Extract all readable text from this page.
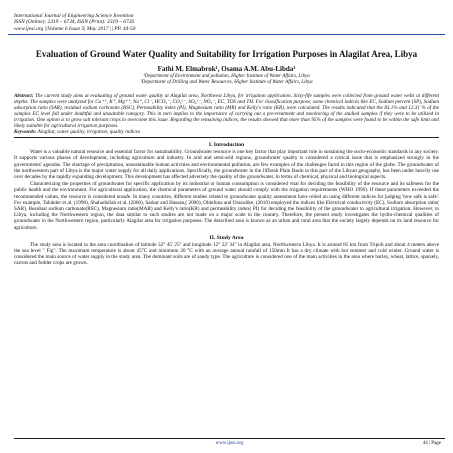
International Journal of Engineering Science Invention
ISSN (Online): 2319 – 6734, ISSN (Print): 2319 – 6726
www.ijesi.org ||Volume 6 Issue 5| May 2017 || PP. 44-50
Evaluation of Ground Water Quality and Suitability for Irrigation Purposes in Alagilat Area, Libya
Fathi M. Elmabrok¹, Osama A.M. Abu-Libda²
¹Department of Environment and pollution, Higher Institute of Water Affairs, Libya
²Department of Drilling and Water Resources, Higher Institute of Water Affairs, Libya
Abstract: The current study aims at evaluating of ground water quality at Alagilat area, Northwest Libya, for irrigation application. Sixty-fife samples were collected from ground water wells at different depths. The samples were analyzed for Ca⁺⁺, K⁺, Mg⁺⁺, Na⁺, Cl⁻, HCO₃⁻, CO₃²⁻, SO₄²⁻, NO₃⁻, EC, TDS and TH. For classification purpose, some chemical indices like EC, Sodium percent (SP), Sodium adsorption ratio (SAR), residual sodium carbonate (RSC), Permeability index (PI), Magnesium ratio (MR) and Kelly's ratio (KR), were calculated. The results indicated that the 83.1% and 12.31 % of the samples EC level fall under doubtful and unsuitable category. This in turn implies to the importance of carrying out a pre-treatment and monitoring of the studied samples if they were to be utilized in irrigation. One option is to grow salt tolerant crops to overcome this issue. Regarding the remaining indices, the results showed that more than 95% of the samples were found to be within the safe limit and likely suitable for agricultural irrigation purposes.
Keywords: Alagilat, water quality, irrigation, quality indices
I. Introduction
Water is a valuable natural resource and essential factor for sustainability. Groundwater resource is one key factor that play important role in sustaining the socio-economic standards in any society. It supports various phases of development, including agriculture and industry. In arid and semi-arid regions, groundwater quality is considered a critical issue that is emphasized strongly in the governments' agendas. The shortage of precipitation, unsustainable human activities and environmental pollution, are few examples of the challenges faced in this region of the globe. The groundwater of the northwestern part of Libya is the major water supply for all daily applications. Specifically, the groundwater in the Jiffarah Plain Basin in this part of the Libyan geography, has been under heavily use over decades by the rapidly expanding development. This development has affected adversely the quality of the groundwater, in terms of chemical, physical and biological aspects.
Characterizing the properties of groundwater for specific application by its industrial or human consumption is considered vital for deciding the feasibility of the resource and its safeness for the public health and the environment. For agricultural application, the chemical parameters of ground water should comply with the irrigation requirements (WHO 1996). If these parameters exceeded the recommended values, the resource is considered unsafe. In many countries, different studies related to groundwater quality assessment have relied on using different indices for judging 'how safe is safe'. For example, Talukder et al. (1998), Shahadullah et al. (2000), Sarkar and Hassan,( 2006), Obiefuna and Orazulike, (2010) employed the indices like Electrical conductivity (EC), Sodium absorption ratio( SAR), Residual sodium carbonate(RSC), Magnesium ratio(MAR) and Kelly's ratio(KR) and permeability index( PI) for deciding the feasibility of the groundwater to agricultural irrigation. However, in Libya, including the Northwestern region, the data similar to such studies are not made on a major scale in the country. Therefore, the present study investigates the hydro-chemical qualities of groundwater in the Northwestern region, particularly Alagilat area for irrigation purposes. The described area is known as an urban and rural area that the society largely depends on its land resource for agriculture.
II. Study Area
The study area is located in the area coordination of latitude 32° 45' 25'' and longitude 12° 22' 34'' in Alagilat area, Northwestern Libya. It is around 85 km from Tripoli and about 4 meters above the sea level " Fig". The maximum temperature is about 45°C and minimum 20 °C with an average annual rainfall of 150mm It has a dry climate with hot summer and cold winter. Ground water is considered the main source of water supply in the study area. The dominant soils are of sandy type. The agriculture is considered one of the main activities in the area where barley, wheat, lattice, sparsely, carrots and fodder crops are grown.
www.ijesi.org	44 | Page
